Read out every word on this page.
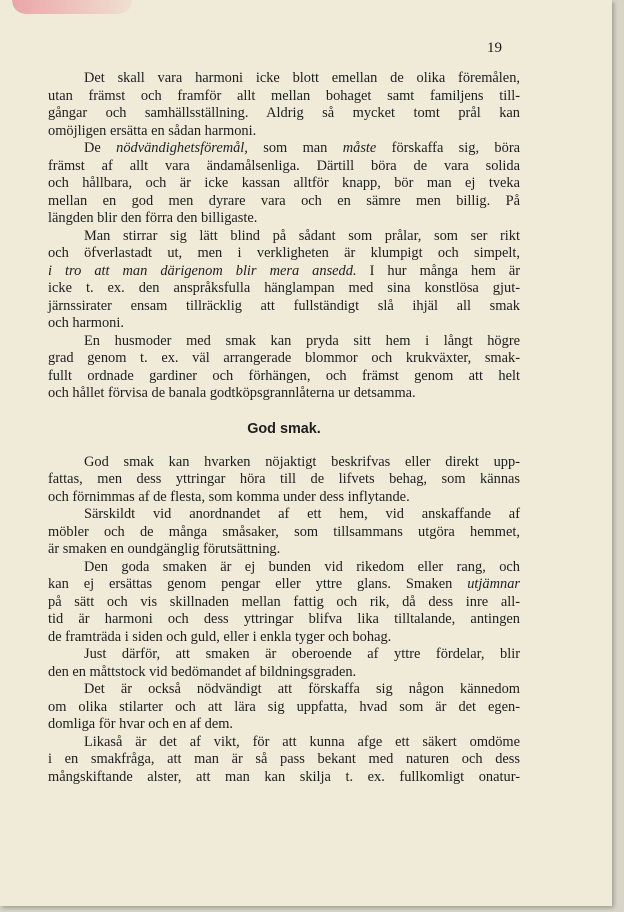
19
Det skall vara harmoni icke blott emellan de olika föremålen,
utan främst och framför allt mellan bohaget samt familjens till-
gångar och samhällsställning. Aldrig så mycket tomt prål kan
omöjligen ersätta en sådan harmoni.
De nödvändighetsföremål, som man måste förskaffa sig, böra
främst af allt vara ändamålsenliga. Därtill böra de vara solida
och hållbara, och är icke kassan alltför knapp, bör man ej tveka
mellan en god men dyrare vara och en sämre men billig. På
längden blir den förra den billigaste.
Man stirrar sig lätt blind på sådant som prålar, som ser rikt
och öfverlastadt ut, men i verkligheten är klumpigt och simpelt,
i tro att man därigenom blir mera ansedd. I hur många hem är
icke t. ex. den anspråksfulla hänglampan med sina konstlösa gjut-
järnssirater ensam tillräcklig att fullständigt slå ihjäl all smak
och harmoni.
En husmoder med smak kan pryda sitt hem i långt högre
grad genom t. ex. väl arrangerade blommor och krukväxter, smak-
fullt ordnade gardiner och förhängen, och främst genom att helt
och hållet förvisa de banala godtköpsgrannlåterna ur detsamma.
God smak.
God smak kan hvarken nöjaktigt beskrifvas eller direkt upp-
fattas, men dess yttringar höra till de lifvets behag, som kännas
och förnimmas af de flesta, som komma under dess inflytande.
Särskildt vid anordnandet af ett hem, vid anskaffande af
möbler och de många småsaker, som tillsammans utgöra hemmet,
är smaken en oundgänglig förutsättning.
Den goda smaken är ej bunden vid rikedom eller rang, och
kan ej ersättas genom pengar eller yttre glans. Smaken utjämnar
på sätt och vis skillnaden mellan fattig och rik, då dess inre all-
tid är harmoni och dess yttringar blifva lika tilltalande, antingen
de framträda i siden och guld, eller i enkla tyger och bohag.
Just därför, att smaken är oberoende af yttre fördelar, blir
den en måttstock vid bedömandet af bildningsgraden.
Det är också nödvändigt att förskaffa sig någon kännedom
om olika stilarter och att lära sig uppfatta, hvad som är det egen-
domliga för hvar och en af dem.
Likaså är det af vikt, för att kunna afge ett säkert omdöme
i en smakfråga, att man är så pass bekant med naturen och dess
mångskiftande alster, att man kan skilja t. ex. fullkomligt onatur-
